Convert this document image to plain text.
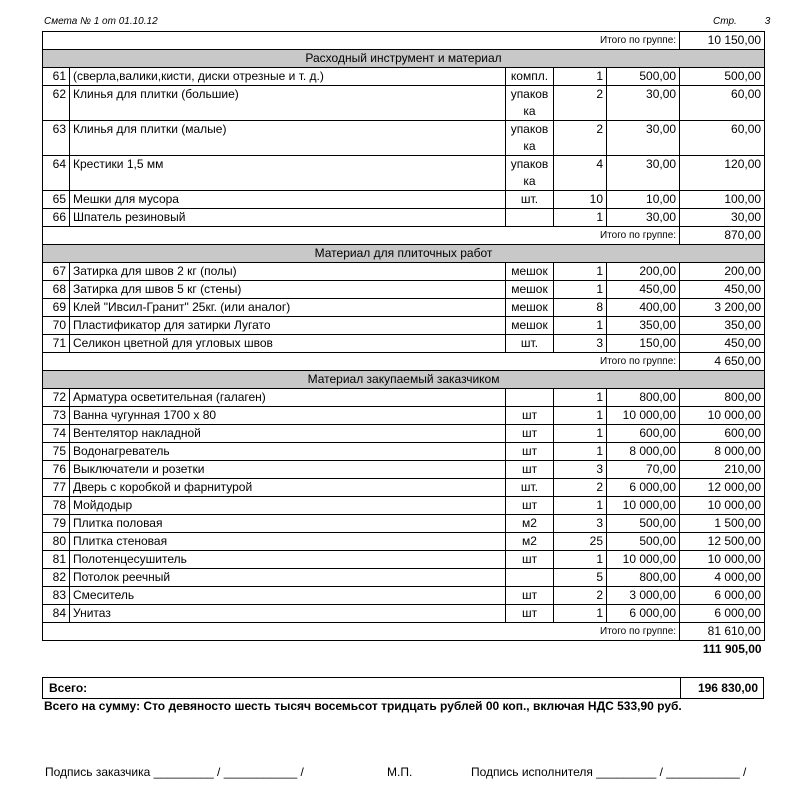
Смета № 1 от 01.10.12	Стр.	3
Итого по группе:					10 150,00
Расходный инструмент и материал					
61	(сверла,валики,кисти, диски отрезные и т. д.)	компл.	1	500,00	500,00
62	Клинья для плитки (большие)	упаковка	2	30,00	60,00
63	Клинья для плитки (малые)	упаковка	2	30,00	60,00
64	Крестики 1,5 мм	упаковка	4	30,00	120,00
65	Мешки для мусора	шт.	10	10,00	100,00
66	Шпатель резиновый		1	30,00	30,00
Итого по группе:					870,00
Материал для плиточных работ					
67	Затирка для швов 2 кг (полы)	мешок	1	200,00	200,00
68	Затирка для швов 5 кг (стены)	мешок	1	450,00	450,00
69	Клей "Ивсил-Гранит" 25кг. (или аналог)	мешок	8	400,00	3 200,00
70	Пластификатор для затирки Лугато	мешок	1	350,00	350,00
71	Селикон цветной для угловых швов	шт.	3	150,00	450,00
Итого по группе:					4 650,00
Материал закупаемый заказчиком					
72	Арматура осветительная (галаген)		1	800,00	800,00
73	Ванна чугунная 1700 х 80	шт	1	10 000,00	10 000,00
74	Вентелятор накладной	шт	1	600,00	600,00
75	Водонагреватель	шт	1	8 000,00	8 000,00
76	Выключатели и розетки	шт	3	70,00	210,00
77	Дверь с коробкой и фарнитурой	шт.	2	6 000,00	12 000,00
78	Мойдодыр	шт	1	10 000,00	10 000,00
79	Плитка половая	м2	3	500,00	1 500,00
80	Плитка стеновая	м2	25	500,00	12 500,00
81	Полотенцесушитель	шт	1	10 000,00	10 000,00
82	Потолок реечный		5	800,00	4 000,00
83	Смеситель	шт	2	3 000,00	6 000,00
84	Унитаз	шт	1	6 000,00	6 000,00
Итого по группе:					81 610,00
					111 905,00
Всего:	196 830,00
Всего на сумму: Сто девяносто шесть тысяч восемьсот тридцать рублей 00 коп., включая НДС 533,90 руб.
Подпись заказчика _________ / ___________ /	М.П.	Подпись исполнителя _________ / ___________ /
